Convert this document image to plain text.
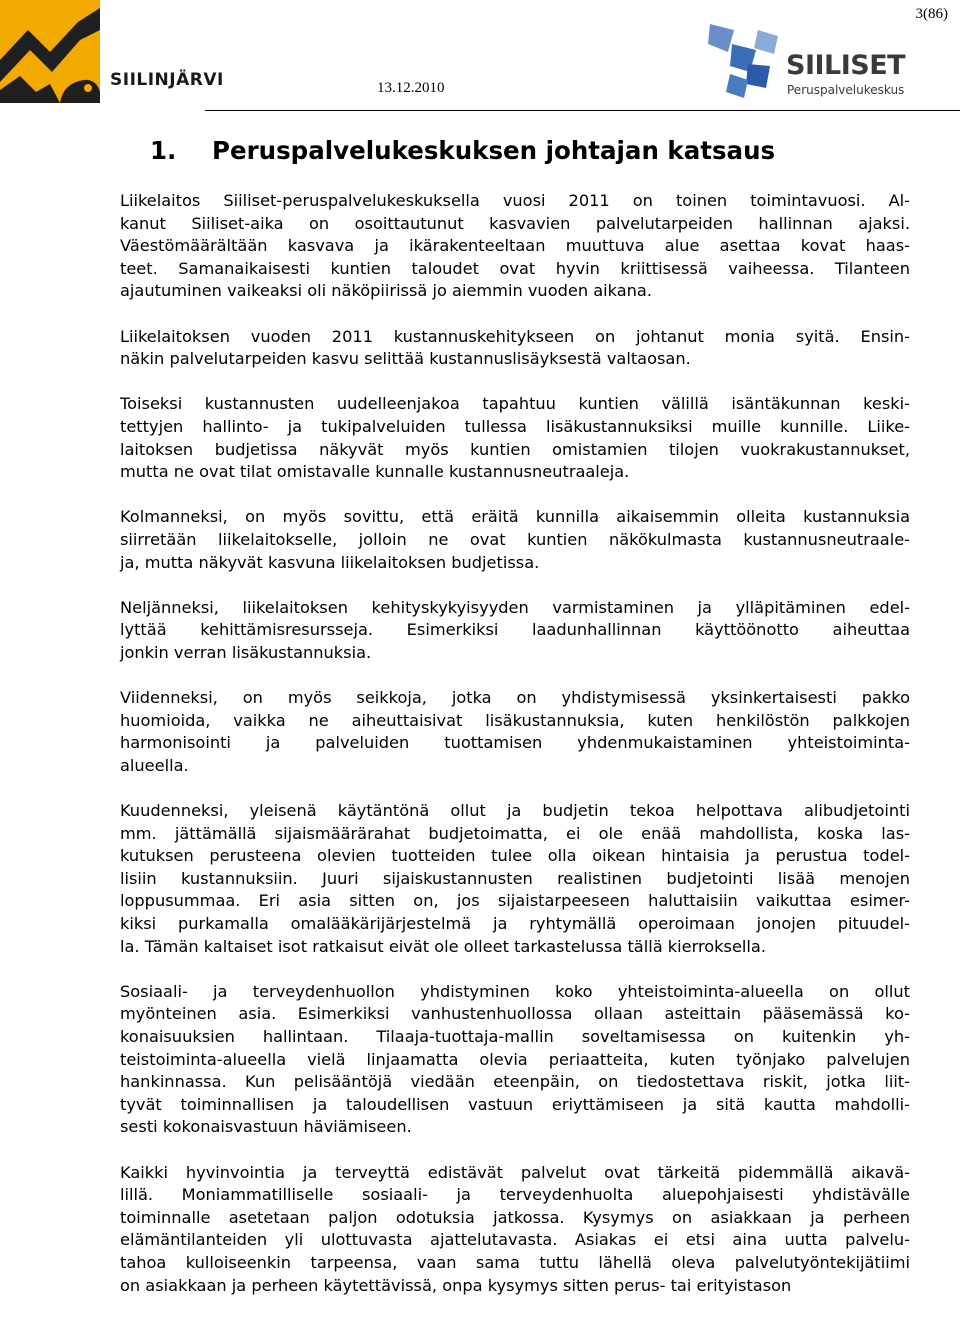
SIILINJÄRVI	13.12.2010
3(86)
SIILISET
Peruspalvelukeskus
1. Peruspalvelukeskuksen johtajan katsaus
Liikelaitos Siiliset-peruspalvelukeskuksella vuosi 2011 on toinen toimintavuosi. Al-
kanut Siiliset-aika on osoittautunut kasvavien palvelutarpeiden hallinnan ajaksi.
Väestömäärältään kasvava ja ikärakenteeltaan muuttuva alue asettaa kovat haas-
teet. Samanaikaisesti kuntien taloudet ovat hyvin kriittisessä vaiheessa. Tilanteen
ajautuminen vaikeaksi oli näköpiirissä jo aiemmin vuoden aikana.
Liikelaitoksen vuoden 2011 kustannuskehitykseen on johtanut monia syitä. Ensin-
näkin palvelutarpeiden kasvu selittää kustannuslisäyksestä valtaosan.
Toiseksi kustannusten uudelleenjakoa tapahtuu kuntien välillä isäntäkunnan keski-
tettyjen hallinto- ja tukipalveluiden tullessa lisäkustannuksiksi muille kunnille. Liike-
laitoksen budjetissa näkyvät myös kuntien omistamien tilojen vuokrakustannukset,
mutta ne ovat tilat omistavalle kunnalle kustannusneutraaleja.
Kolmanneksi, on myös sovittu, että eräitä kunnilla aikaisemmin olleita kustannuksia
siirretään liikelaitokselle, jolloin ne ovat kuntien näkökulmasta kustannusneutraale-
ja, mutta näkyvät kasvuna liikelaitoksen budjetissa.
Neljänneksi, liikelaitoksen kehityskykyisyyden varmistaminen ja ylläpitäminen edel-
lyttää kehittämisresursseja. Esimerkiksi laadunhallinnan käyttöönotto aiheuttaa
jonkin verran lisäkustannuksia.
Viidenneksi, on myös seikkoja, jotka on yhdistymisessä yksinkertaisesti pakko
huomioida, vaikka ne aiheuttaisivat lisäkustannuksia, kuten henkilöstön palkkojen
harmonisointi ja palveluiden tuottamisen yhdenmukaistaminen yhteistoiminta-
alueella.
Kuudenneksi, yleisenä käytäntönä ollut ja budjetin tekoa helpottava alibudjetointi
mm. jättämällä sijaismäärärahat budjetoimatta, ei ole enää mahdollista, koska las-
kutuksen perusteena olevien tuotteiden tulee olla oikean hintaisia ja perustua todel-
lisiin kustannuksiin. Juuri sijaiskustannusten realistinen budjetointi lisää menojen
loppusummaa. Eri asia sitten on, jos sijaistarpeeseen haluttaisiin vaikuttaa esimer-
kiksi purkamalla omalääkärijärjestelmä ja ryhtymällä operoimaan jonojen pituudel-
la. Tämän kaltaiset isot ratkaisut eivät ole olleet tarkastelussa tällä kierroksella.
Sosiaali- ja terveydenhuollon yhdistyminen koko yhteistoiminta-alueella on ollut
myönteinen asia. Esimerkiksi vanhustenhuollossa ollaan asteittain pääsemässä ko-
konaisuuksien hallintaan. Tilaaja-tuottaja-mallin soveltamisessa on kuitenkin yh-
teistoiminta-alueella vielä linjaamatta olevia periaatteita, kuten työnjako palvelujen
hankinnassa. Kun pelisääntöjä viedään eteenpäin, on tiedostettava riskit, jotka liit-
tyvät toiminnallisen ja taloudellisen vastuun eriyttämiseen ja sitä kautta mahdolli-
sesti kokonaisvastuun häviämiseen.
Kaikki hyvinvointia ja terveyttä edistävät palvelut ovat tärkeitä pidemmällä aikavä-
lillä. Moniammatilliselle sosiaali- ja terveydenhuolta aluepohjaisesti yhdistävälle
toiminnalle asetetaan paljon odotuksia jatkossa. Kysymys on asiakkaan ja perheen
elämäntilanteiden yli ulottuvasta ajattelutavasta. Asiakas ei etsi aina uutta palvelu-
tahoa kulloiseenkin tarpeensa, vaan sama tuttu lähellä oleva palvelutyöntekijätiimi
on asiakkaan ja perheen käytettävissä, onpa kysymys sitten perus- tai erityistason
